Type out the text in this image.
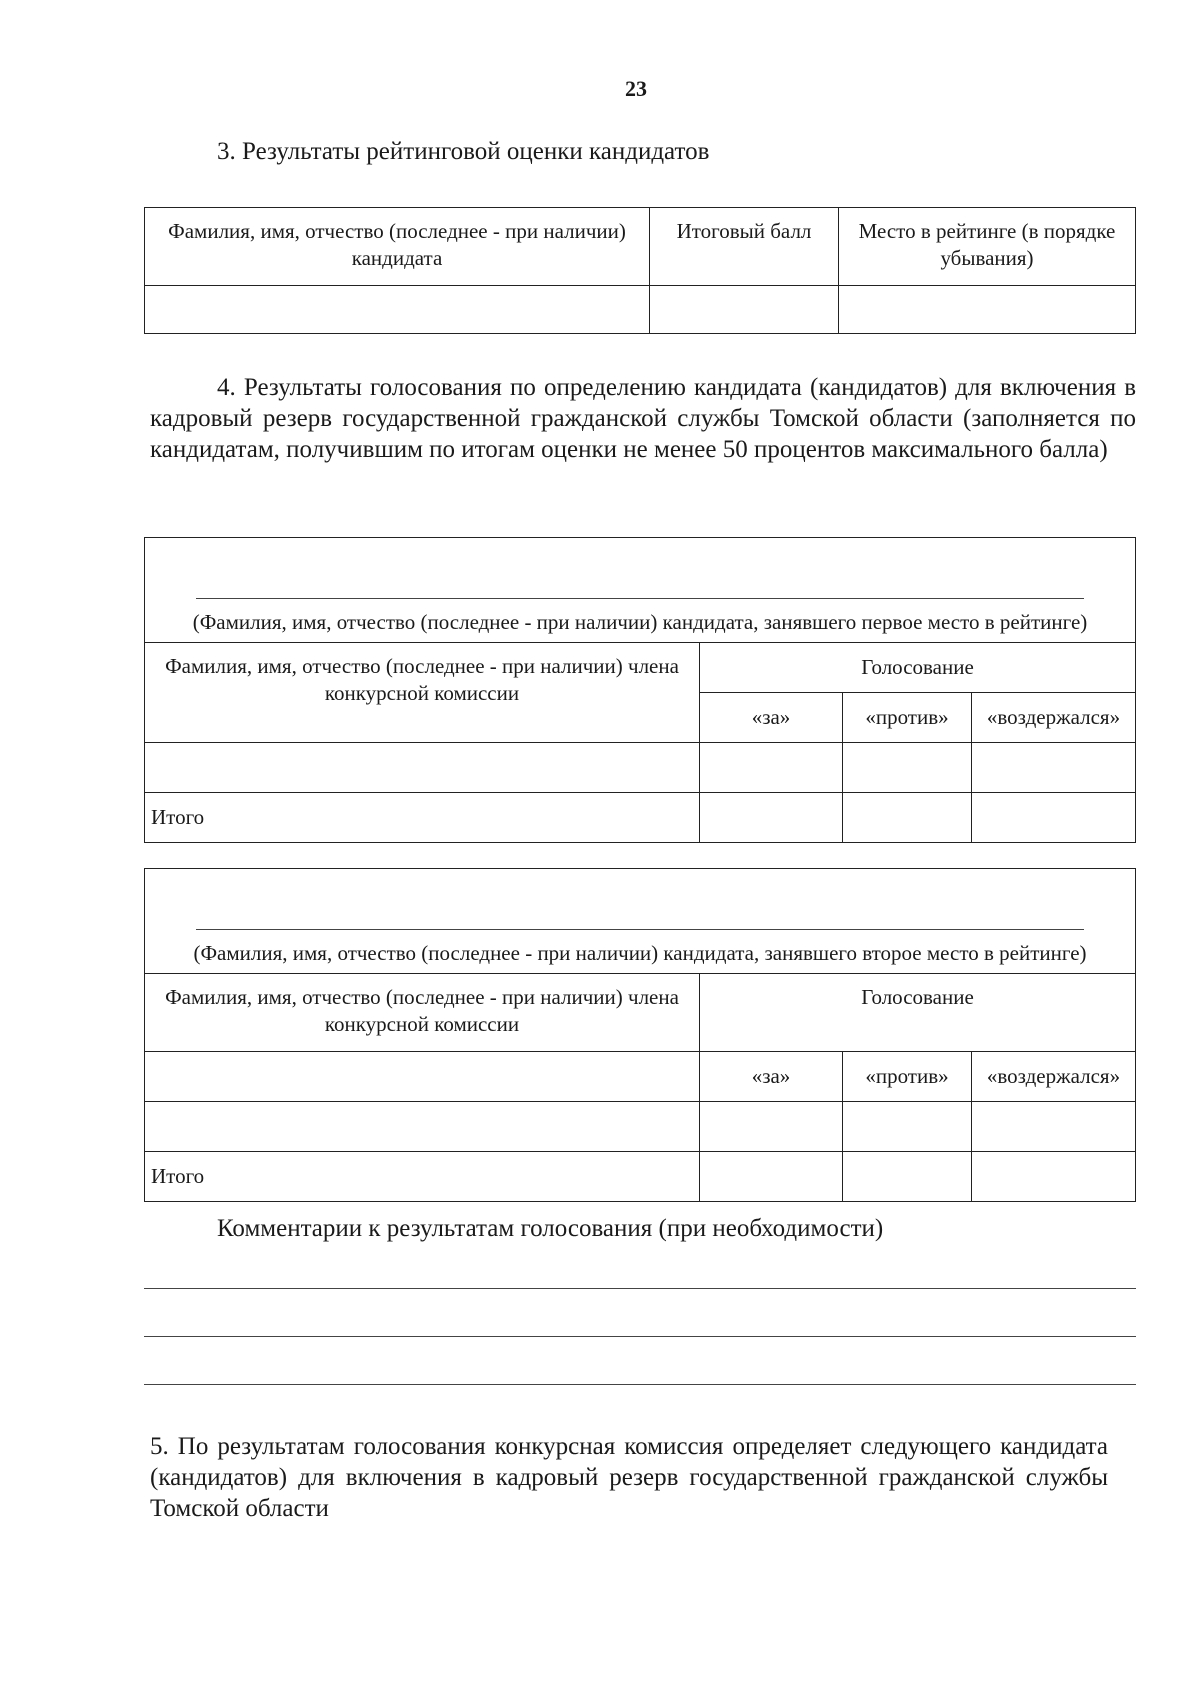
23
3. Результаты рейтинговой оценки кандидатов
Фамилия, имя, отчество (последнее - при наличии) кандидата	Итоговый балл	Место в рейтинге (в порядке убывания)

4. Результаты голосования по определению кандидата (кандидатов) для включения в кадровый резерв государственной гражданской службы Томской области (заполняется по кандидатам, получившим по итогам оценки не менее 50 процентов максимального балла)

(Фамилия, имя, отчество (последнее - при наличии) кандидата, занявшего первое место в рейтинге)			
Фамилия, имя, отчество (последнее - при наличии) члена конкурсной комиссии	Голосование		
	«за»	«против»	«воздержался»

Итого			
(Фамилия, имя, отчество (последнее - при наличии) кандидата, занявшего второе место в рейтинге)			
Фамилия, имя, отчество (последнее - при наличии) члена конкурсной комиссии	Голосование		
	«за»	«против»	«воздержался»

Итого			
Комментарии к результатам голосования (при необходимости)

5. По результатам голосования конкурсная комиссия определяет следующего кандидата (кандидатов) для включения в кадровый резерв государственной гражданской службы Томской области
